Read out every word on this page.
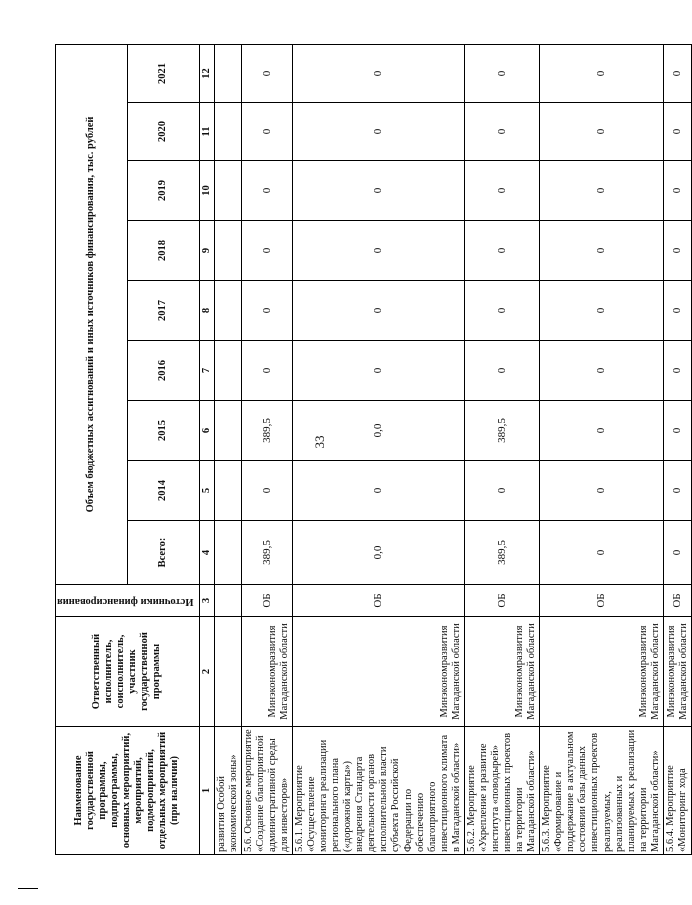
33
Наименование государственной программы, подпрограммы, основных мероприятий, мероприятий, подмероприятий, отдельных мероприятий (при наличии)	Ответственный исполнитель, соисполнитель, участник государственной программы	Источники финансирования	Объем бюджетных ассигнований и иных источников финансирования, тыс. рублей								
			Всего:	2014	2015	2016	2017	2018	2019	2020	2021
1	2	3	4	5	6	7	8	9	10	11	12
развития Особой экономической зоны»											
5.6. Основное мероприятие «Создание благоприятной административной среды для инвесторов»	Минэкономразвития Магаданской области	ОБ	389,5	0	389,5	0	0	0	0	0	0
5.6.1. Мероприятие «Осуществление мониторинга реализации регионального плана («дорожной карты») внедрения Стандарта деятельности органов исполнительной власти субъекта Российской Федерации по обеспечению благоприятного инвестиционного климата в Магаданской области»	Минэкономразвития Магаданской области	ОБ	0,0	0	0,0	0	0	0	0	0	0
5.6.2. Мероприятие «Укрепление и развитие института «поводырей» инвестиционных проектов на территории Магаданской области»	Минэкономразвития Магаданской области	ОБ	389,5	0	389,5	0	0	0	0	0	0
5.6.3. Мероприятие «Формирование и поддержание в актуальном состоянии базы данных инвестиционных проектов реализуемых, реализованных и планируемых к реализации на территории Магаданской области»	Минэкономразвития Магаданской области	ОБ	0	0	0	0	0	0	0	0	0
5.6.4. Мероприятие «Мониторинг хода	Минэкономразвития Магаданской области	ОБ	0	0	0	0	0	0	0	0	0
